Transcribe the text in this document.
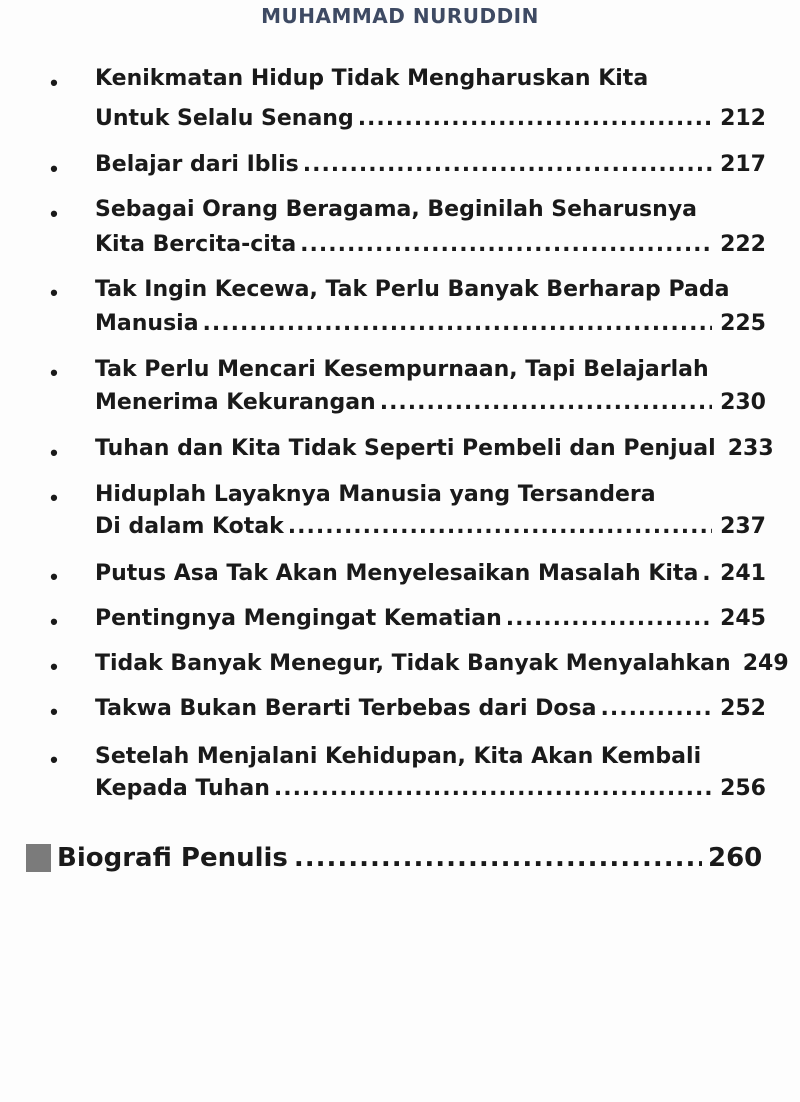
MUHAMMAD NURUDDIN
• Kenikmatan Hidup Tidak Mengharuskan Kita
Untuk Selalu Senang .....	212
• Belajar dari Iblis .....	217
• Sebagai Orang Beragama, Beginilah Seharusnya
Kita Bercita-cita .....	222
• Tak Ingin Kecewa, Tak Perlu Banyak Berharap Pada
Manusia .....	225
• Tak Perlu Mencari Kesempurnaan, Tapi Belajarlah
Menerima Kekurangan .....	230
• Tuhan dan Kita Tidak Seperti Pembeli dan Penjual 233
• Hiduplah Layaknya Manusia yang Tersandera
Di dalam Kotak .....	237
• Putus Asa Tak Akan Menyelesaikan Masalah Kita ..... 241
• Pentingnya Mengingat Kematian .....	245
• Tidak Banyak Menegur, Tidak Banyak Menyalahkan 249
• Takwa Bukan Berarti Terbebas dari Dosa .....	252
• Setelah Menjalani Kehidupan, Kita Akan Kembali
Kepada Tuhan .....	256
Biografi Penulis .....	260
